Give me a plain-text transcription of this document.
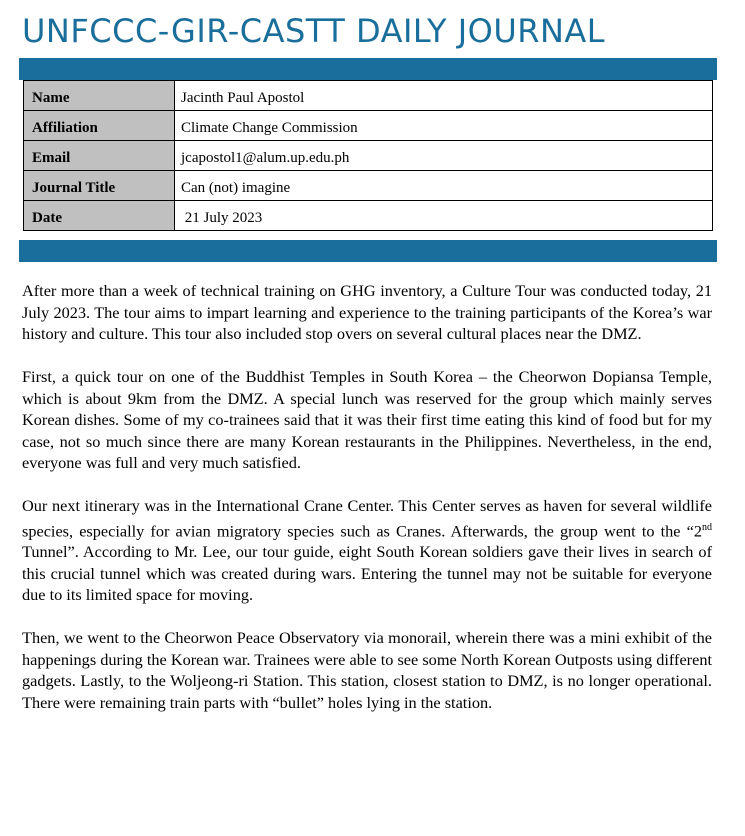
UNFCCC-GIR-CASTT DAILY JOURNAL
Name	Jacinth Paul Apostol
Affiliation	Climate Change Commission
Email	jcapostol1@alum.up.edu.ph
Journal Title	Can (not) imagine
Date	21 July 2023

After more than a week of technical training on GHG inventory, a Culture Tour was conducted today, 21 July 2023. The tour aims to impart learning and experience to the training participants of the Korea’s war history and culture. This tour also included stop overs on several cultural places near the DMZ.

First, a quick tour on one of the Buddhist Temples in South Korea – the Cheorwon Dopiansa Temple, which is about 9km from the DMZ. A special lunch was reserved for the group which mainly serves Korean dishes. Some of my co-trainees said that it was their first time eating this kind of food but for my case, not so much since there are many Korean restaurants in the Philippines. Nevertheless, in the end, everyone was full and very much satisfied.

Our next itinerary was in the International Crane Center. This Center serves as haven for several wildlife species, especially for avian migratory species such as Cranes. Afterwards, the group went to the “2nd Tunnel”. According to Mr. Lee, our tour guide, eight South Korean soldiers gave their lives in search of this crucial tunnel which was created during wars. Entering the tunnel may not be suitable for everyone due to its limited space for moving.

Then, we went to the Cheorwon Peace Observatory via monorail, wherein there was a mini exhibit of the happenings during the Korean war. Trainees were able to see some North Korean Outposts using different gadgets. Lastly, to the Woljeong-ri Station. This station, closest station to DMZ, is no longer operational. There were remaining train parts with “bullet” holes lying in the station.
